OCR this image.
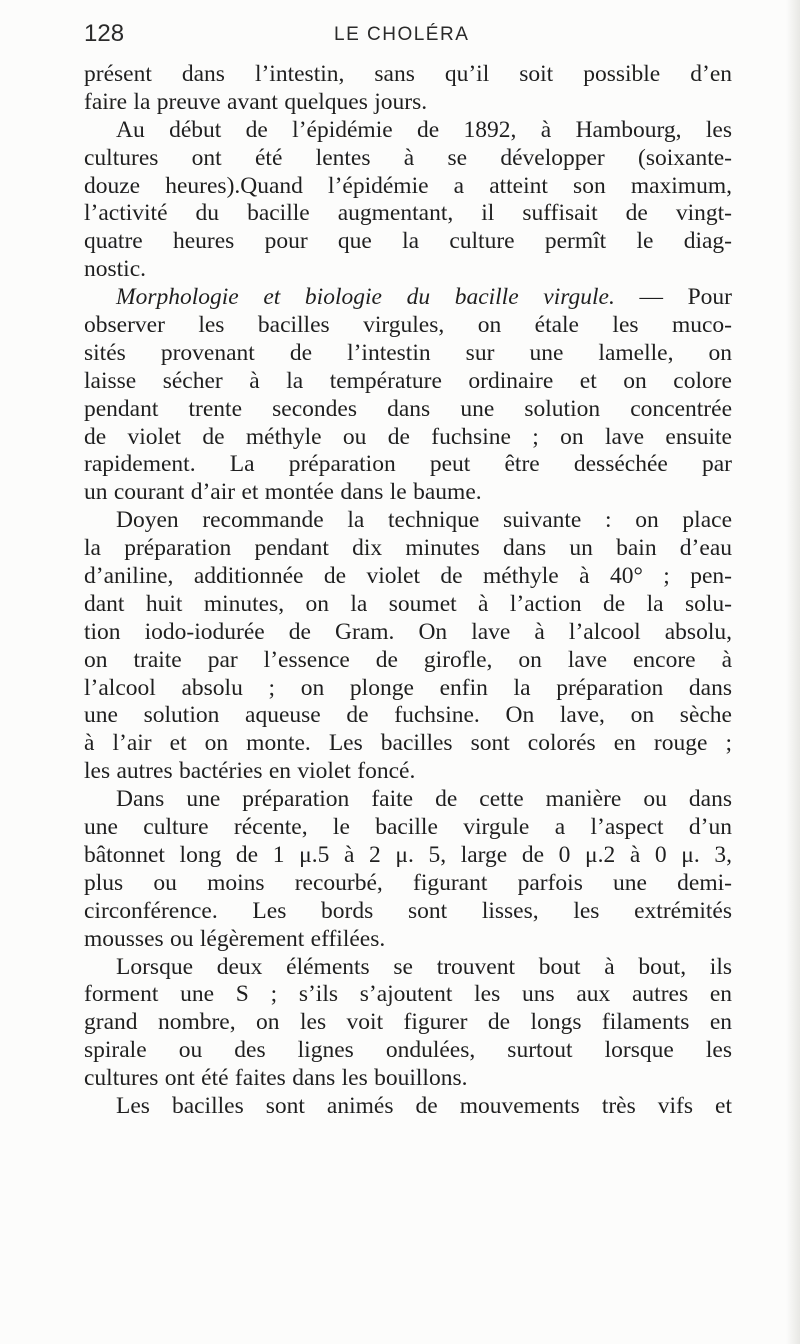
128	LE CHOLÉRA
présent dans l’intestin, sans qu’il soit possible d’en
faire la preuve avant quelques jours.
Au début de l’épidémie de 1892, à Hambourg, les
cultures ont été lentes à se développer (soixante-
douze heures).Quand l’épidémie a atteint son maximum,
l’activité du bacille augmentant, il suffisait de vingt-
quatre heures pour que la culture permît le diag-
nostic.
Morphologie et biologie du bacille virgule. — Pour
observer les bacilles virgules, on étale les muco-
sités provenant de l’intestin sur une lamelle, on
laisse sécher à la température ordinaire et on colore
pendant trente secondes dans une solution concentrée
de violet de méthyle ou de fuchsine ; on lave ensuite
rapidement. La préparation peut être desséchée par
un courant d’air et montée dans le baume.
Doyen recommande la technique suivante : on place
la préparation pendant dix minutes dans un bain d’eau
d’aniline, additionnée de violet de méthyle à 40° ; pen-
dant huit minutes, on la soumet à l’action de la solu-
tion iodo-iodurée de Gram. On lave à l’alcool absolu,
on traite par l’essence de girofle, on lave encore à
l’alcool absolu ; on plonge enfin la préparation dans
une solution aqueuse de fuchsine. On lave, on sèche
à l’air et on monte. Les bacilles sont colorés en rouge ;
les autres bactéries en violet foncé.
Dans une préparation faite de cette manière ou dans
une culture récente, le bacille virgule a l’aspect d’un
bâtonnet long de 1 μ.5 à 2 μ. 5, large de 0 μ.2 à 0 μ. 3,
plus ou moins recourbé, figurant parfois une demi-
circonférence. Les bords sont lisses, les extrémités
mousses ou légèrement effilées.
Lorsque deux éléments se trouvent bout à bout, ils
forment une S ; s’ils s’ajoutent les uns aux autres en
grand nombre, on les voit figurer de longs filaments en
spirale ou des lignes ondulées, surtout lorsque les
cultures ont été faites dans les bouillons.
Les bacilles sont animés de mouvements très vifs et
